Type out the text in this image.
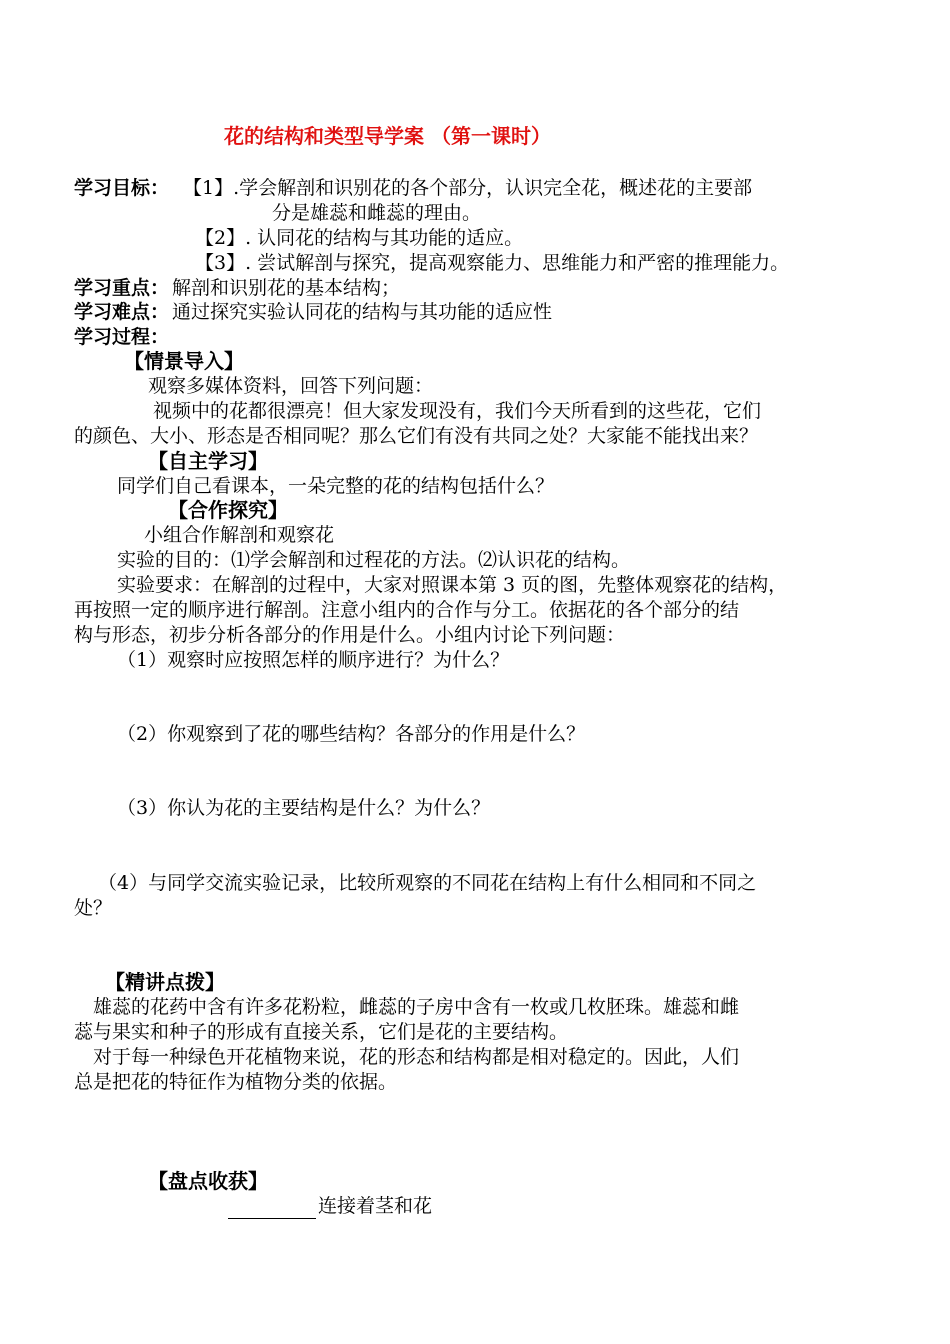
花的结构和类型导学案 （第一课时）
学习目标： 【1】.学会解剖和识别花的各个部分，认识完全花，概述花的主要部
分是雄蕊和雌蕊的理由。
【2】. 认同花的结构与其功能的适应。
【3】. 尝试解剖与探究，提高观察能力、思维能力和严密的推理能力。
学习重点： 解剖和识别花的基本结构；
学习难点： 通过探究实验认同花的结构与其功能的适应性
学习过程：
【情景导入】
观察多媒体资料，回答下列问题：
视频中的花都很漂亮！但大家发现没有，我们今天所看到的这些花，它们
的颜色、大小、形态是否相同呢？那么它们有没有共同之处？大家能不能找出来？
【自主学习】
同学们自己看课本，一朵完整的花的结构包括什么？
【合作探究】
小组合作解剖和观察花
实验的目的：⑴学会解剖和过程花的方法。⑵认识花的结构。
实验要求：在解剖的过程中，大家对照课本第 3 页的图，先整体观察花的结构，
再按照一定的顺序进行解剖。注意小组内的合作与分工。依据花的各个部分的结
构与形态，初步分析各部分的作用是什么。小组内讨论下列问题：
（1）观察时应按照怎样的顺序进行？为什么？
（2）你观察到了花的哪些结构？各部分的作用是什么？
（3）你认为花的主要结构是什么？为什么？
（4）与同学交流实验记录，比较所观察的不同花在结构上有什么相同和不同之
处？
【精讲点拨】
雄蕊的花药中含有许多花粉粒，雌蕊的子房中含有一枚或几枚胚珠。雄蕊和雌
蕊与果实和种子的形成有直接关系，它们是花的主要结构。
对于每一种绿色开花植物来说，花的形态和结构都是相对稳定的。因此，人们
总是把花的特征作为植物分类的依据。
【盘点收获】
连接着茎和花
